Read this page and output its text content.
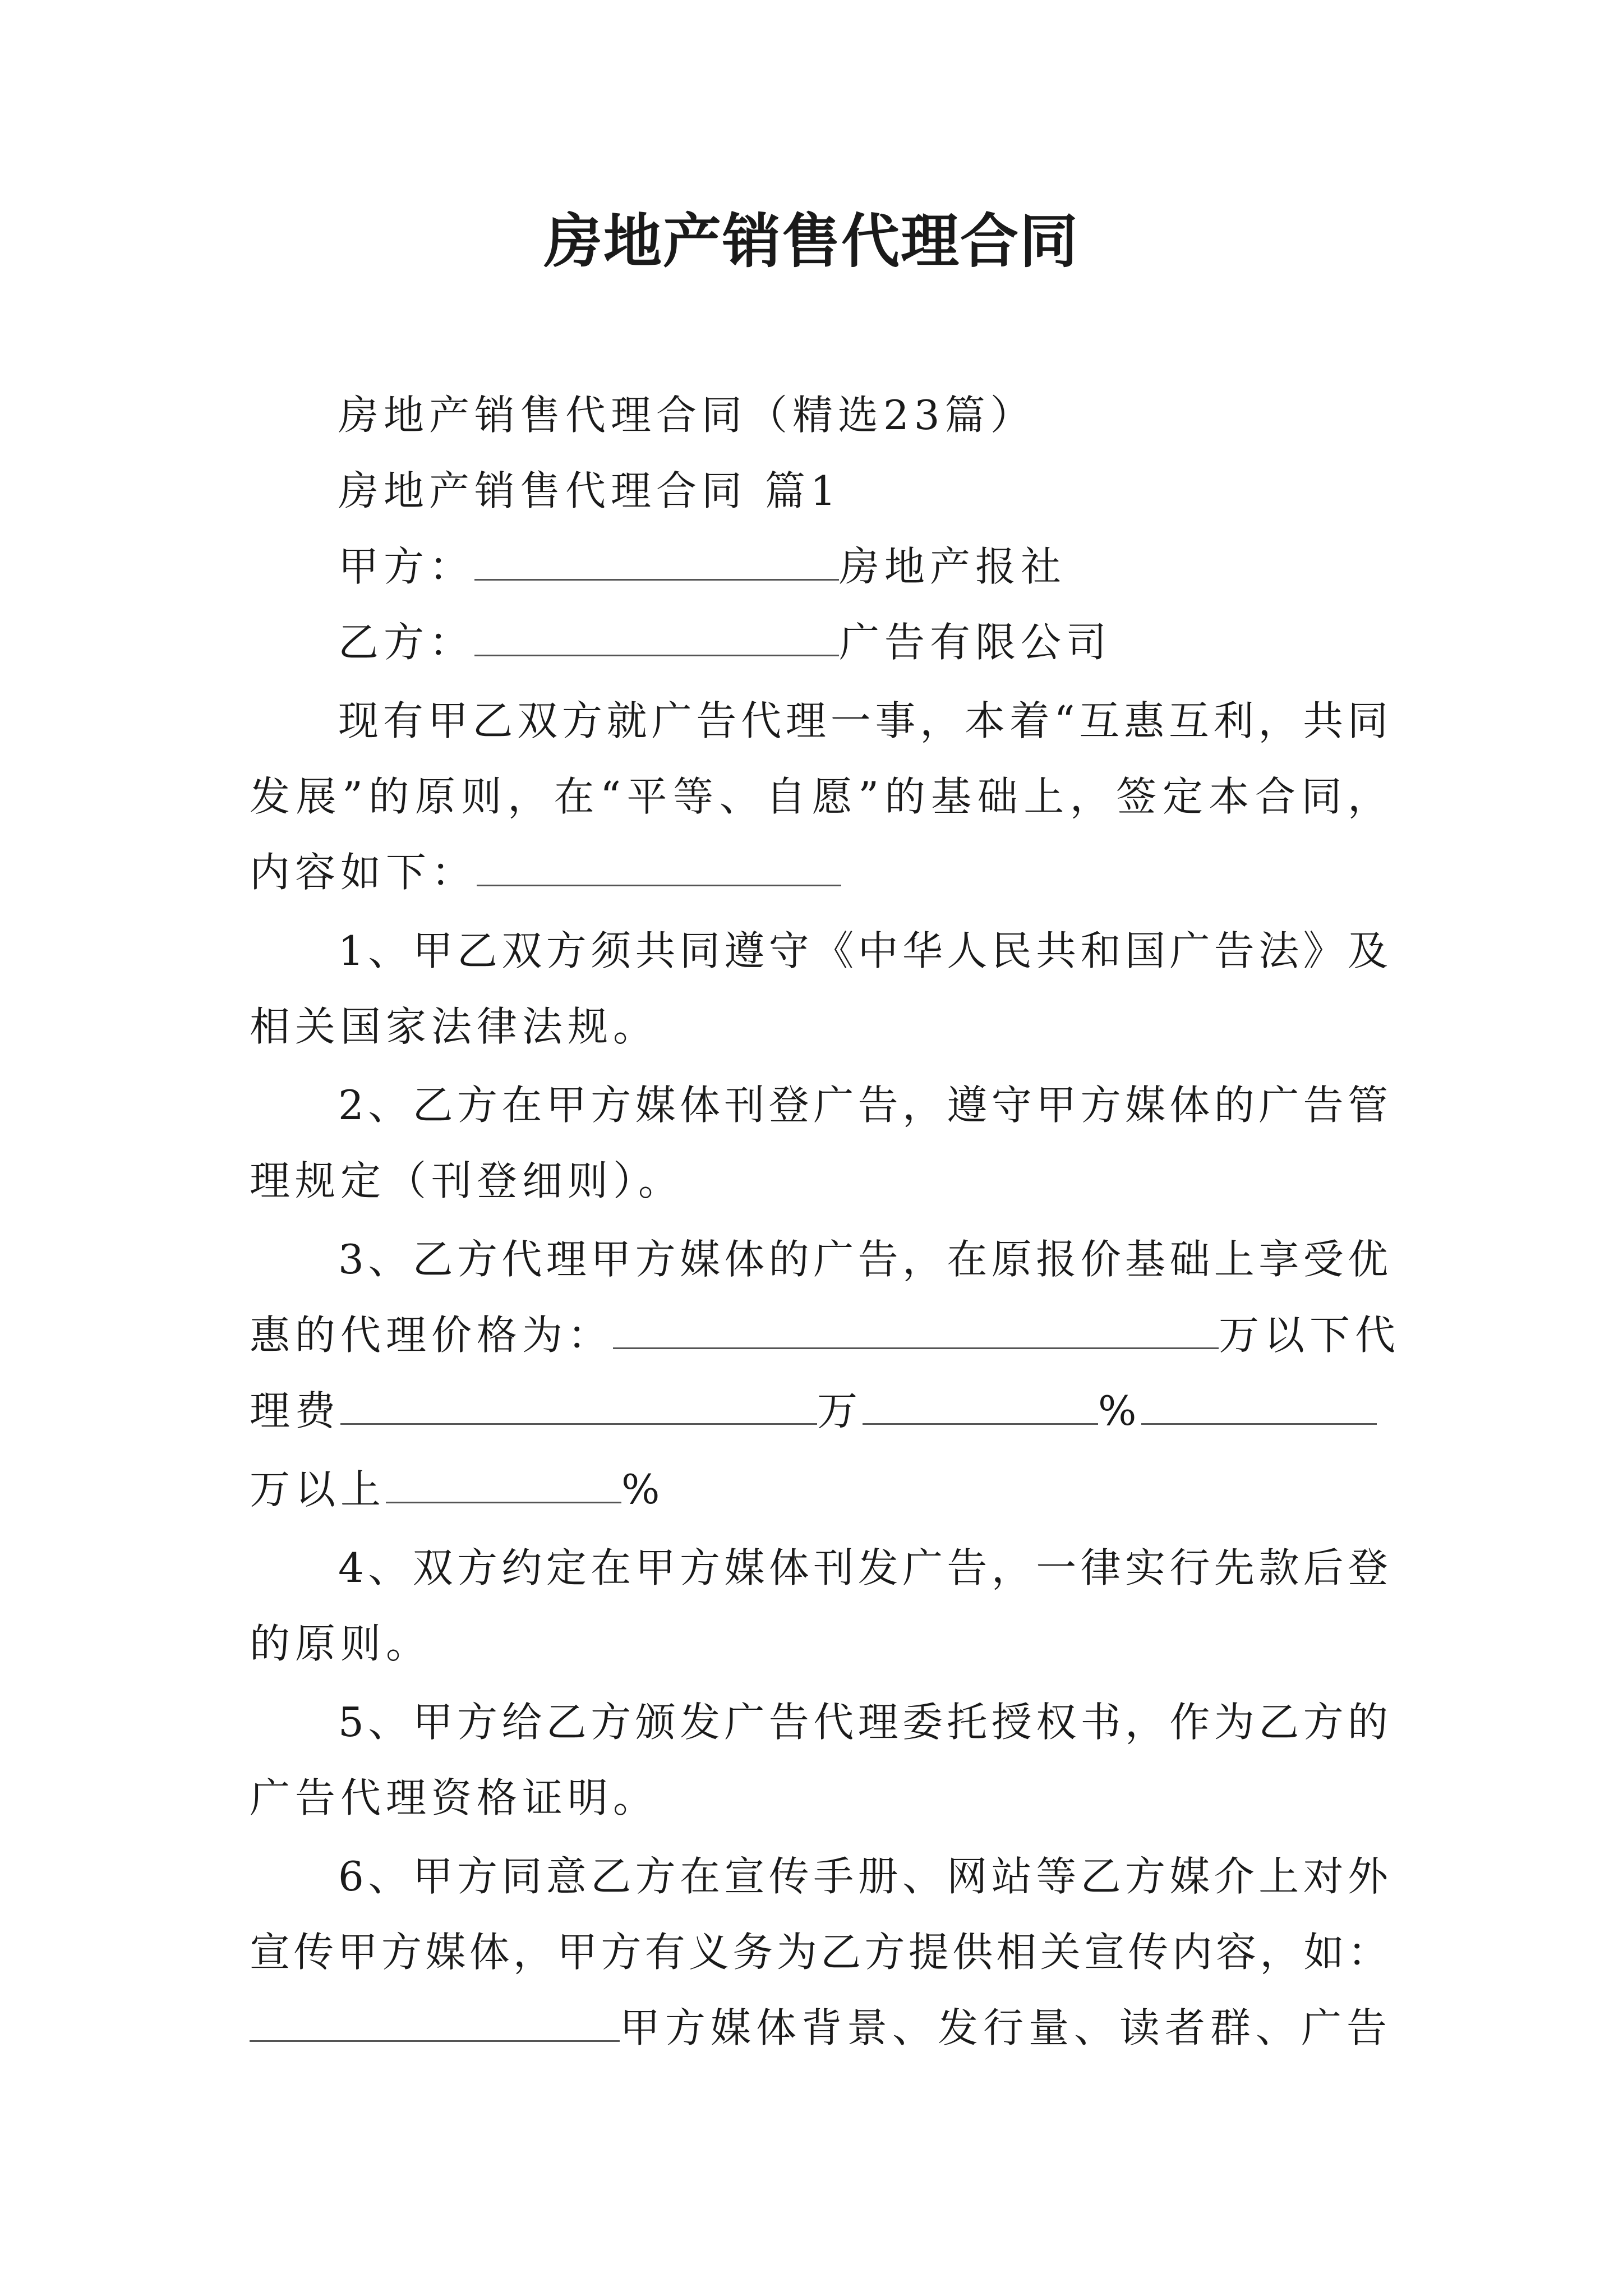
房地产销售代理合同
房地产销售代理合同（精选23篇）
房地产销售代理合同 篇1
甲方：	房地产报社
乙方：	广告有限公司
现有甲乙双方就广告代理一事，本着“互惠互利，共同
发展”的原则，在“平等、自愿”的基础上，签定本合同，
内容如下：
1、甲乙双方须共同遵守《中华人民共和国广告法》及
相关国家法律法规。
2、乙方在甲方媒体刊登广告，遵守甲方媒体的广告管
理规定（刊登细则）。
3、乙方代理甲方媒体的广告，在原报价基础上享受优
惠的代理价格为：	万以下代
理费	万	%
万以上	%
4、双方约定在甲方媒体刊发广告，一律实行先款后登
的原则。
5、甲方给乙方颁发广告代理委托授权书，作为乙方的
广告代理资格证明。
6、甲方同意乙方在宣传手册、网站等乙方媒介上对外
宣传甲方媒体，甲方有义务为乙方提供相关宣传内容，如：
甲方媒体背景、发行量、读者群、广告
